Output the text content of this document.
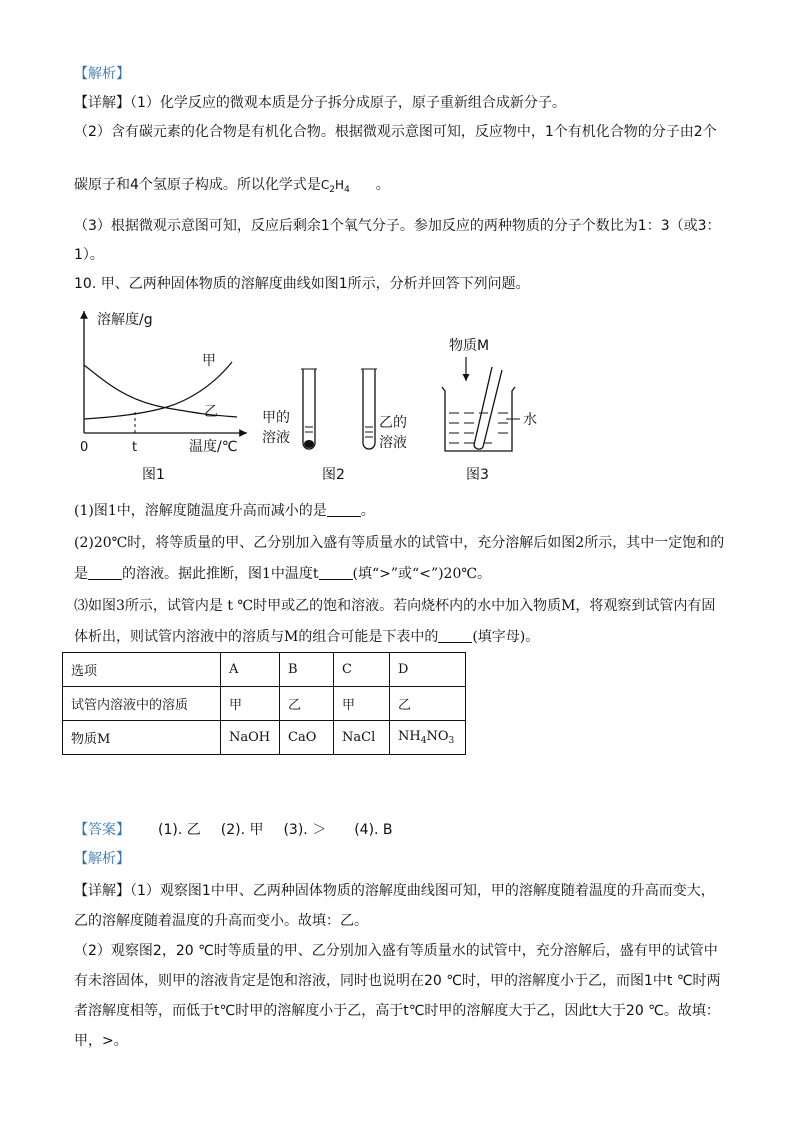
【解析】
【详解】（1）化学反应的微观本质是分子拆分成原子，原子重新组合成新分子。
（2）含有碳元素的化合物是有机化合物。根据微观示意图可知，反应物中，1个有机化合物的分子由2个
碳原子和4个氢原子构成。所以化学式是$C_2H_4$ 。
（3）根据微观示意图可知，反应后剩余1个氧气分子。参加反应的两种物质的分子个数比为1：3（或3：
1）。
10. 甲、乙两种固体物质的溶解度曲线如图1所示，分析并回答下列问题。
溶解度/g
温度/℃
0	t
甲
乙
图1
甲的
溶液
乙的
溶液
图2
物质M
水
图3
(1)图1中，溶解度随温度升高而减小的是 。
(2)20℃时，将等质量的甲、乙分别加入盛有等质量水的试管中，充分溶解后如图2所示，其中一定饱和的
是 的溶液。据此推断，图1中温度t (填“>”或“<”)20℃。
⑶如图3所示，试管内是 t ℃时甲或乙的饱和溶液。若向烧杯内的水中加入物质M，将观察到试管内有固
体析出，则试管内溶液中的溶质与M的组合可能是下表中的 (填字母)。
选项	A	B	C	D
试管内溶液中的溶质	甲	乙	甲	乙
物质M	NaOH	CaO	NaCl	$NH_4NO_3$
【答案】 (1). 乙 (2). 甲 (3). ＞ (4). B
【解析】
【详解】（1）观察图1中甲、乙两种固体物质的溶解度曲线图可知，甲的溶解度随着温度的升高而变大，
乙的溶解度随着温度的升高而变小。故填：乙。
（2）观察图2，20 ℃时等质量的甲、乙分别加入盛有等质量水的试管中，充分溶解后，盛有甲的试管中
有未溶固体，则甲的溶液肯定是饱和溶液，同时也说明在20 ℃时，甲的溶解度小于乙，而图1中t ℃时两
者溶解度相等，而低于t℃时甲的溶解度小于乙，高于t℃时甲的溶解度大于乙，因此t大于20 ℃。故填：
甲，>。
